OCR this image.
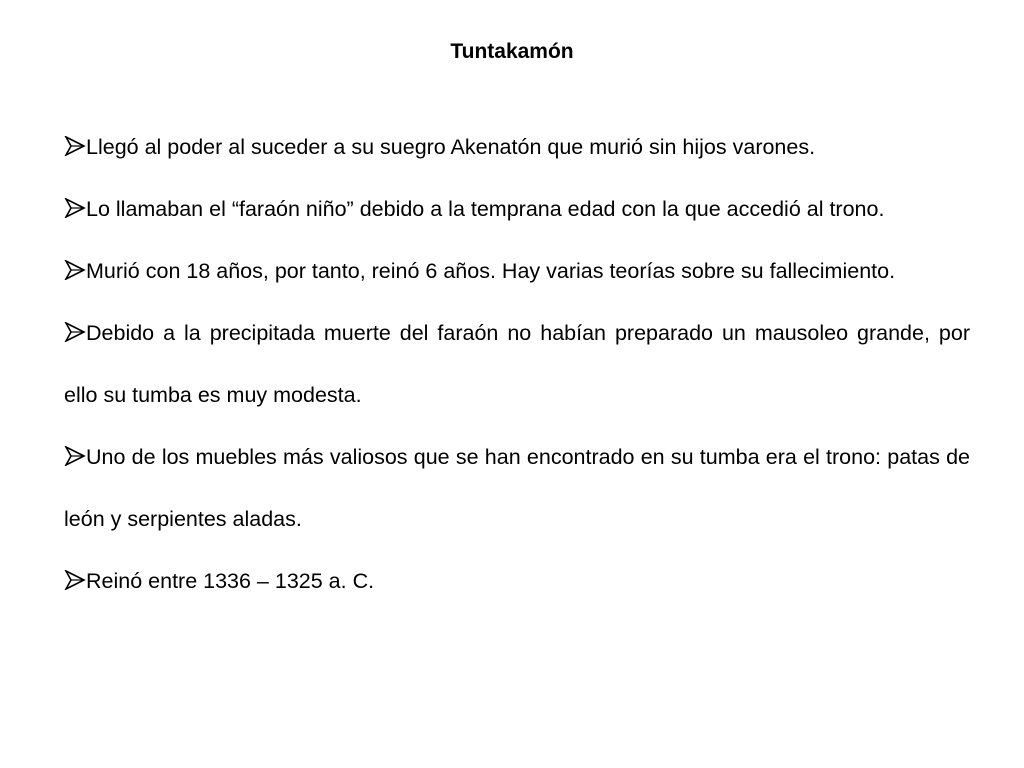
Tuntakamón
Llegó al poder al suceder a su suegro Akenatón que murió sin hijos varones.
Lo llamaban el “faraón niño” debido a la temprana edad con la que accedió al trono.
Murió con 18 años, por tanto, reinó 6 años. Hay varias teorías sobre su fallecimiento.
Debido a la precipitada muerte del faraón no habían preparado un mausoleo grande, por ello su tumba es muy modesta.
Uno de los muebles más valiosos que se han encontrado en su tumba era el trono: patas de león y serpientes aladas.
Reinó entre 1336 – 1325 a. C.
